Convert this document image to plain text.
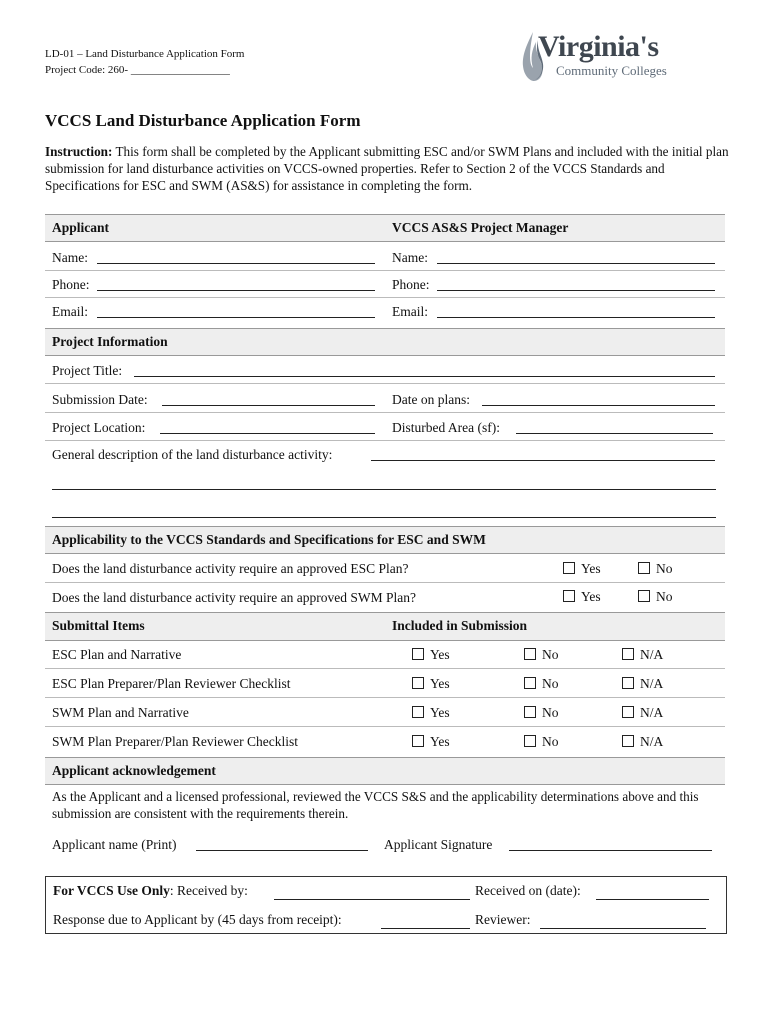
LD-01 – Land Disturbance Application Form
Project Code: 260- __________________
Virginia's
Community Colleges
VCCS Land Disturbance Application Form
Instruction: This form shall be completed by the Applicant submitting ESC and/or SWM Plans and included with the initial plan submission for land disturbance activities on VCCS-owned properties. Refer to Section 2 of the VCCS Standards and Specifications for ESC and SWM (AS&S) for assistance in completing the form.
Applicant	VCCS AS&S Project Manager
Name:	Name:
Phone:	Phone:
Email:	Email:
Project Information
Project Title:
Submission Date:	Date on plans:
Project Location:	Disturbed Area (sf):
General description of the land disturbance activity:
Applicability to the VCCS Standards and Specifications for ESC and SWM
Does the land disturbance activity require an approved ESC Plan?	Yes	No
Does the land disturbance activity require an approved SWM Plan?	Yes	No
Submittal Items	Included in Submission
ESC Plan and Narrative	Yes	No	N/A
ESC Plan Preparer/Plan Reviewer Checklist	Yes	No	N/A
SWM Plan and Narrative	Yes	No	N/A
SWM Plan Preparer/Plan Reviewer Checklist	Yes	No	N/A
Applicant acknowledgement
As the Applicant and a licensed professional, reviewed the VCCS S&S and the applicability determinations above and this submission are consistent with the requirements therein.
Applicant name (Print)	Applicant Signature
For VCCS Use Only: Received by:	Received on (date):
Response due to Applicant by (45 days from receipt):	Reviewer:
